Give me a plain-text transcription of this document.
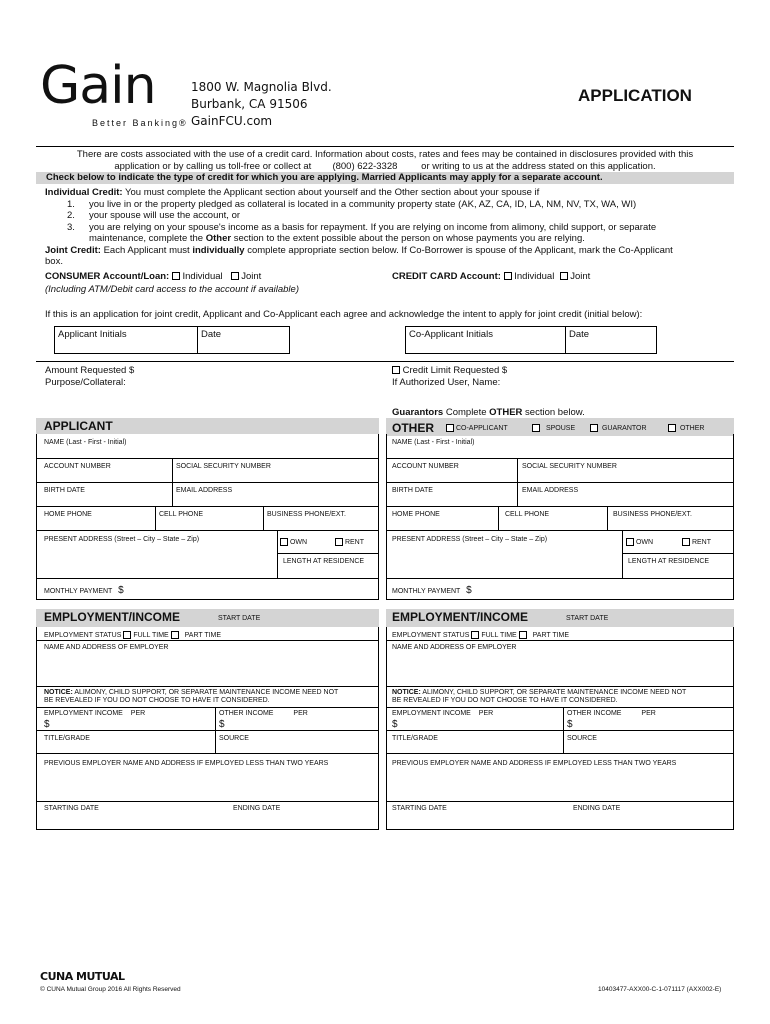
Gain
Better Banking®
1800 W. Magnolia Blvd.
Burbank, CA 91506
GainFCU.com
APPLICATION
There are costs associated with the use of a credit card. Information about costs, rates and fees may be contained in disclosures provided with this
application or by calling us toll-free or collect at (800) 622-3328	or writing to us at the address stated on this application.
Check below to indicate the type of credit for which you are applying. Married Applicants may apply for a separate account.
Individual Credit: You must complete the Applicant section about yourself and the Other section about your spouse if
1. you live in or the property pledged as collateral is located in a community property state (AK, AZ, CA, ID, LA, NM, NV, TX, WA, WI)
2. your spouse will use the account, or
3. you are relying on your spouse's income as a basis for repayment. If you are relying on income from alimony, child support, or separate
maintenance, complete the Other section to the extent possible about the person on whose payments you are relying.
Joint Credit: Each Applicant must individually complete appropriate section below. If Co-Borrower is spouse of the Applicant, mark the Co-Applicant
box.
CONSUMER Account/Loan: Individual Joint
(Including ATM/Debit card access to the account if available)
CREDIT CARD Account: Individual Joint
If this is an application for joint credit, Applicant and Co-Applicant each agree and acknowledge the intent to apply for joint credit (initial below):
Applicant Initials	Date	Co-Applicant Initials	Date
Amount Requested $
Purpose/Collateral:
Credit Limit Requested $
If Authorized User, Name:
Guarantors Complete OTHER section below.
APPLICANT	OTHER	CO-APPLICANT	SPOUSE	GUARANTOR	OTHER
NAME (Last - First - Initial)
ACCOUNT NUMBER	SOCIAL SECURITY NUMBER
BIRTH DATE	EMAIL ADDRESS
HOME PHONE	CELL PHONE	BUSINESS PHONE/EXT.
PRESENT ADDRESS (Street – City – State – Zip)	OWN	RENT
LENGTH AT RESIDENCE
MONTHLY PAYMENT $
NAME (Last - First - Initial)
ACCOUNT NUMBER	SOCIAL SECURITY NUMBER
BIRTH DATE	EMAIL ADDRESS
HOME PHONE	CELL PHONE	BUSINESS PHONE/EXT.
PRESENT ADDRESS (Street – City – State – Zip)	OWN	RENT
LENGTH AT RESIDENCE
MONTHLY PAYMENT $
EMPLOYMENT/INCOME	START DATE
EMPLOYMENT STATUS FULL TIME PART TIME
NAME AND ADDRESS OF EMPLOYER
NOTICE: ALIMONY, CHILD SUPPORT, OR SEPARATE MAINTENANCE INCOME NEED NOT
BE REVEALED IF YOU DO NOT CHOOSE TO HAVE IT CONSIDERED.
EMPLOYMENT INCOME PER
$
OTHER INCOME	PER
$
TITLE/GRADE	SOURCE
PREVIOUS EMPLOYER NAME AND ADDRESS IF EMPLOYED LESS THAN TWO YEARS
STARTING DATE	ENDING DATE
EMPLOYMENT/INCOME	START DATE
EMPLOYMENT STATUS FULL TIME PART TIME
NAME AND ADDRESS OF EMPLOYER
NOTICE: ALIMONY, CHILD SUPPORT, OR SEPARATE MAINTENANCE INCOME NEED NOT
BE REVEALED IF YOU DO NOT CHOOSE TO HAVE IT CONSIDERED.
EMPLOYMENT INCOME PER
$
OTHER INCOME	PER
$
TITLE/GRADE	SOURCE
PREVIOUS EMPLOYER NAME AND ADDRESS IF EMPLOYED LESS THAN TWO YEARS
STARTING DATE	ENDING DATE
CUNA MUTUAL
© CUNA Mutual Group 2016 All Rights Reserved	10403477-AXX00-C-1-071117 (AXX002-E)
